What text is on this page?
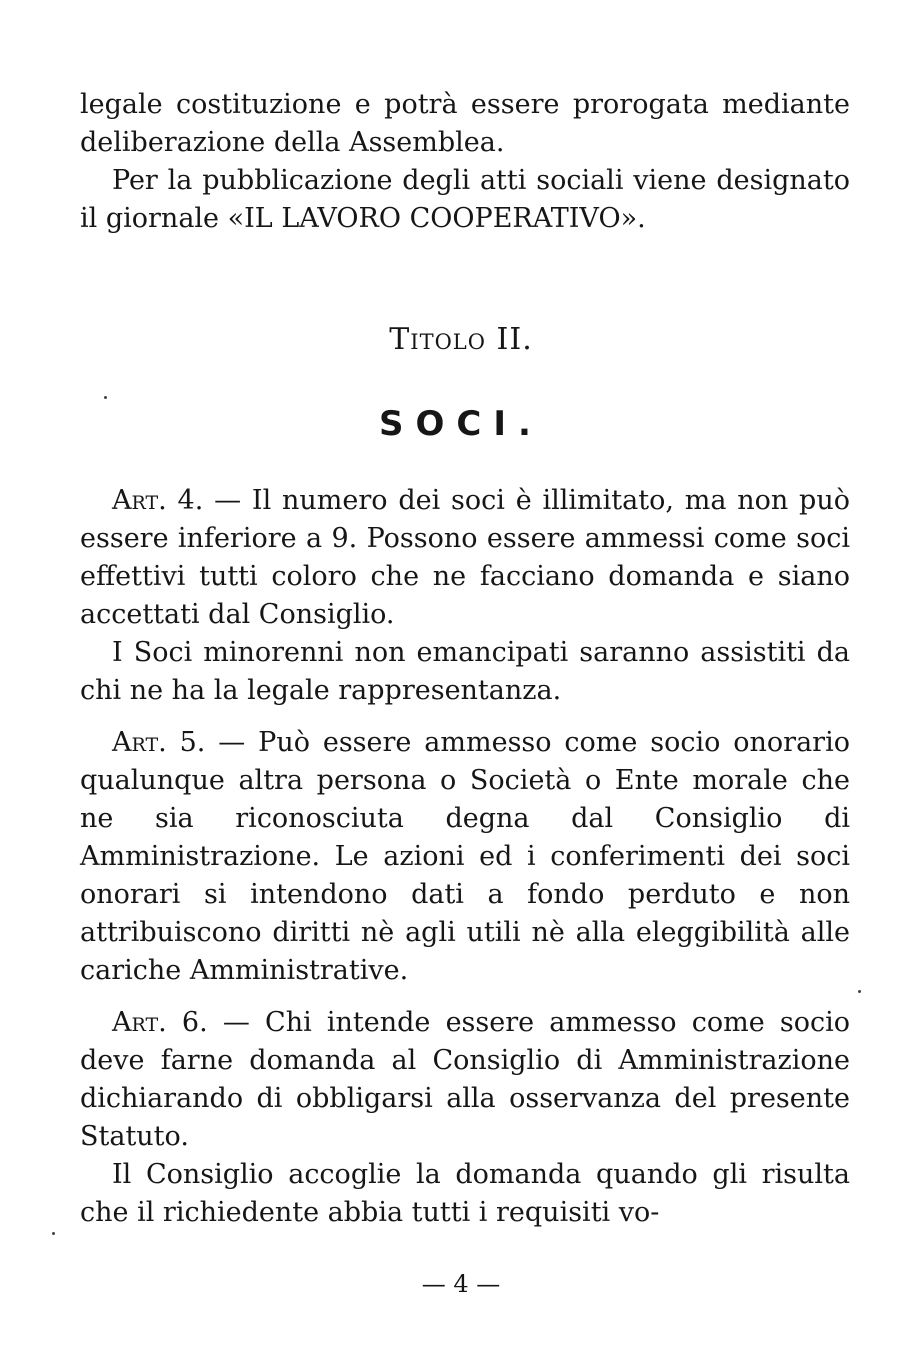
legale costituzione e potrà essere prorogata mediante deliberazione della Assemblea.

Per la pubblicazione degli atti sociali viene designato il giornale «IL LAVORO COOPERATIVO».

Titolo II.
SOCI.

Art. 4. — Il numero dei soci è illimitato, ma non può essere inferiore a 9. Possono essere ammessi come soci effettivi tutti coloro che ne facciano domanda e siano accettati dal Consiglio.

I Soci minorenni non emancipati saranno assistiti da chi ne ha la legale rappresentanza.

Art. 5. — Può essere ammesso come socio onorario qualunque altra persona o Società o Ente morale che ne sia riconosciuta degna dal Consiglio di Amministrazione. Le azioni ed i conferimenti dei soci onorari si intendono dati a fondo perduto e non attribuiscono diritti nè agli utili nè alla eleggibilità alle cariche Amministrative.

Art. 6. — Chi intende essere ammesso come socio deve farne domanda al Consiglio di Amministrazione dichiarando di obbligarsi alla osservanza del presente Statuto.

Il Consiglio accoglie la domanda quando gli risulta che il richiedente abbia tutti i requisiti vo-

— 4 —
